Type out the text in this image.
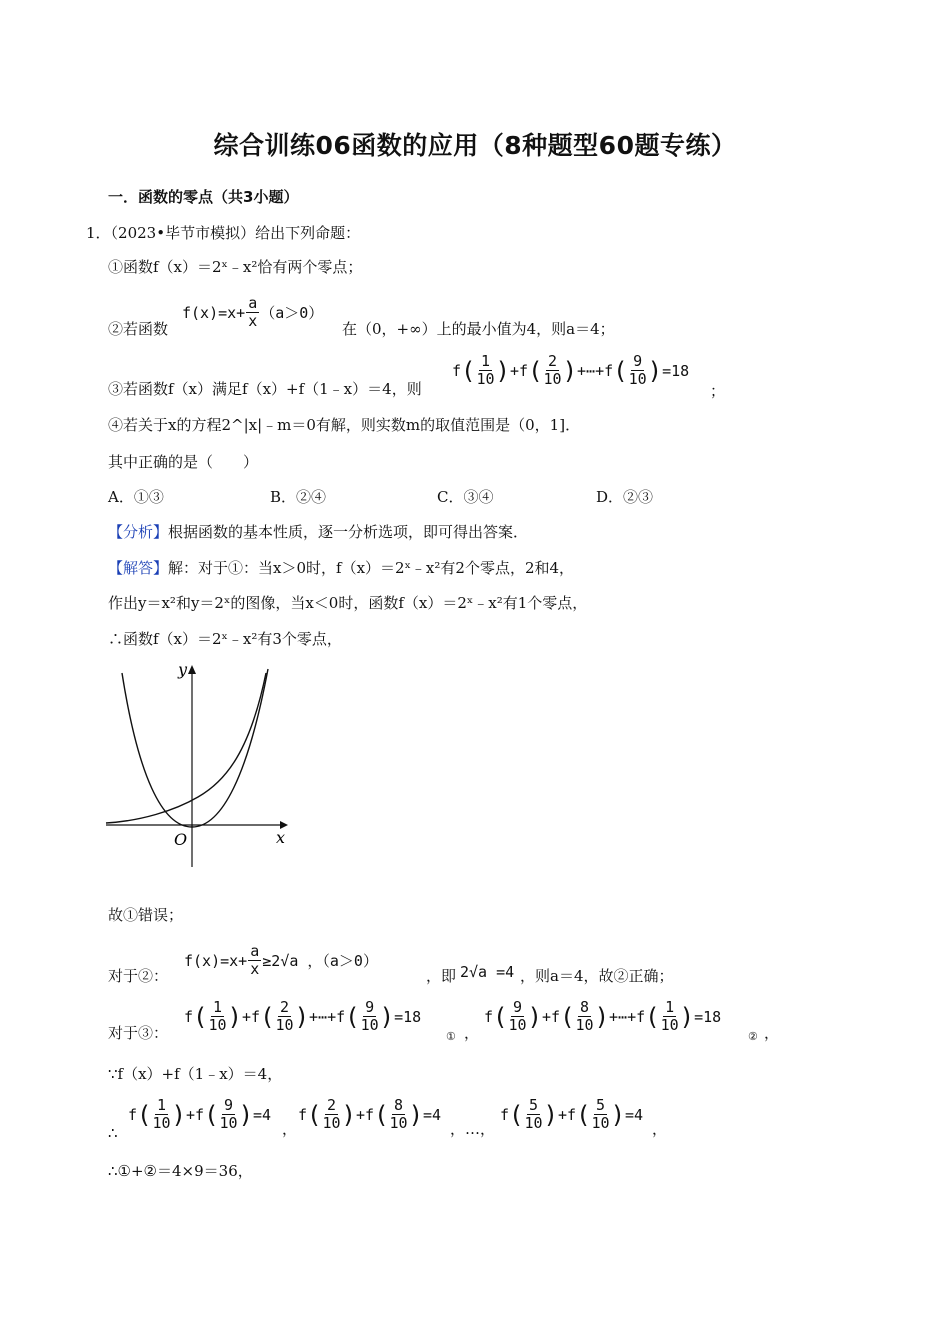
综合训练06函数的应用（8种题型60题专练）
一．函数的零点（共3小题）
1．（2023•毕节市模拟）给出下列命题：
①函数f（x）＝2ˣ﹣x²恰有两个零点；
②若函数
$f(x)=x+ \frac{a}{x} (a>0)$
在（0，+∞）上的最小值为4，则a＝4；
③若函数f（x）满足f（x）+f（1﹣x）＝4，则
f ( $\frac{1}{10}$ ) +f ( $\frac{2}{10}$ ) +⋯+f ( $\frac{9}{10}$ ) =18
；
④若关于x的方程2^|x|﹣m＝0有解，则实数m的取值范围是（0，1]．
其中正确的是（　　）
A．①③	B．②④	C．③④	D．②③
【分析】根据函数的基本性质，逐一分析选项，即可得出答案．
【解答】解：对于①：当x＞0时，f（x）＝2ˣ﹣x²有2个零点，2和4，
作出y＝x²和y＝2ˣ的图像，当x＜0时，函数f（x）＝2ˣ﹣x²有1个零点，
∴函数f（x）＝2ˣ﹣x²有3个零点，
y
O	x
故①错误；
对于②：
$f(x)=x+ \frac{a}{x} \ge 2√a$ ，（a＞0）
，即 2√a =4 ，则a＝4，故②正确；
对于③：
f ( $\frac{1}{10}$ ) +f ( $\frac{2}{10}$ ) +⋯+f ( $\frac{9}{10}$ ) =18
① ，
f ( $\frac{9}{10}$ ) +f ( $\frac{8}{10}$ ) +⋯+f ( $\frac{1}{10}$ ) =18
② ，
∵f（x）+f（1﹣x）＝4，
∴
f ( $\frac{1}{10}$ ) +f ( $\frac{9}{10}$ ) =4
，
f ( $\frac{2}{10}$ ) +f ( $\frac{8}{10}$ ) =4
，…，
f ( $\frac{5}{10}$ ) +f ( $\frac{5}{10}$ ) =4
，
∴①+②＝4×9＝36，
